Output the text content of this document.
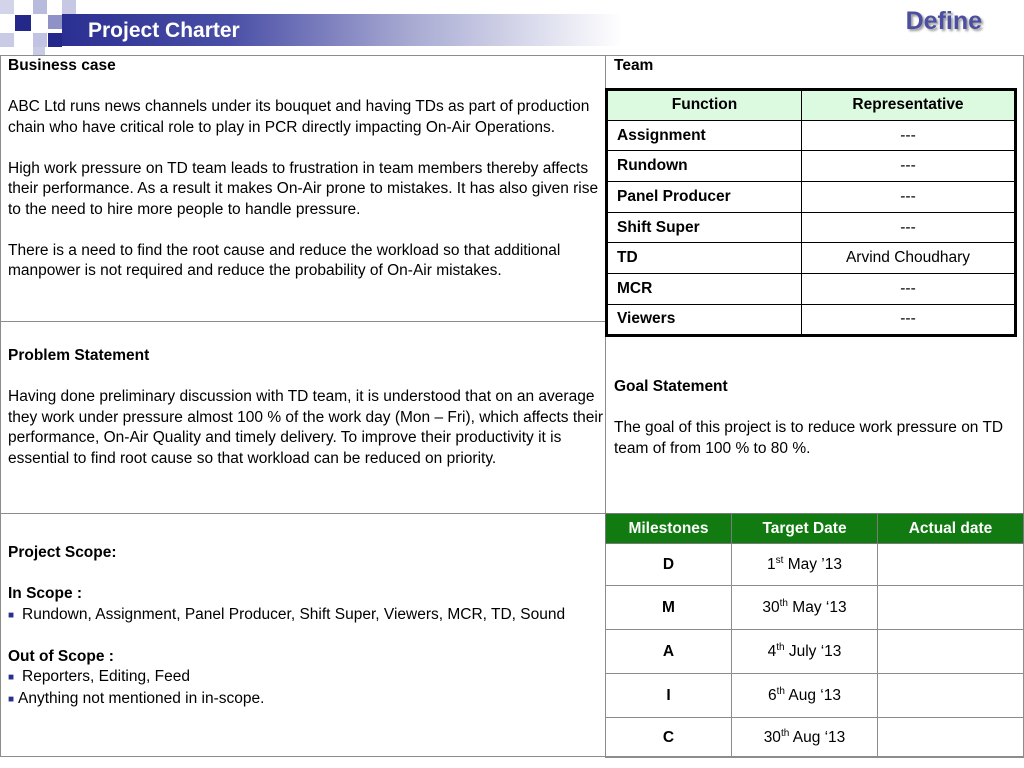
Project Charter	Define
Business case
ABC Ltd runs news channels under its bouquet and having TDs as part of production chain who have critical role to play in PCR directly impacting On-Air Operations.
High work pressure on TD team leads to frustration in team members thereby affects their performance. As a result it makes On-Air prone to mistakes. It has also given rise to the need to hire more people to handle pressure.
There is a need to find the root cause and reduce the workload so that additional manpower is not required and reduce the probability of On-Air mistakes.
Team
Function	Representative
Assignment	---
Rundown	---
Panel Producer	---
Shift Super	---
TD	Arvind Choudhary
MCR	---
Viewers	---
Problem Statement
Having done preliminary discussion with TD team, it is understood that on an average they work under pressure almost 100 % of the work day (Mon – Fri), which affects their performance, On-Air Quality and timely delivery. To improve their productivity it is essential to find root cause so that workload can be reduced on priority.
Goal Statement
The goal of this project is to reduce work pressure on TD team of from 100 % to 80 %.
Project Scope:
In Scope :
■ Rundown, Assignment, Panel Producer, Shift Super, Viewers, MCR, TD, Sound
Out of Scope :
■ Reporters, Editing, Feed
■ Anything not mentioned in in-scope.
Milestones	Target Date	Actual date
D	1st May ’13	
M	30th May ‘13	
A	4th July ‘13	
I	6th Aug ‘13	
C	30th Aug ‘13	
